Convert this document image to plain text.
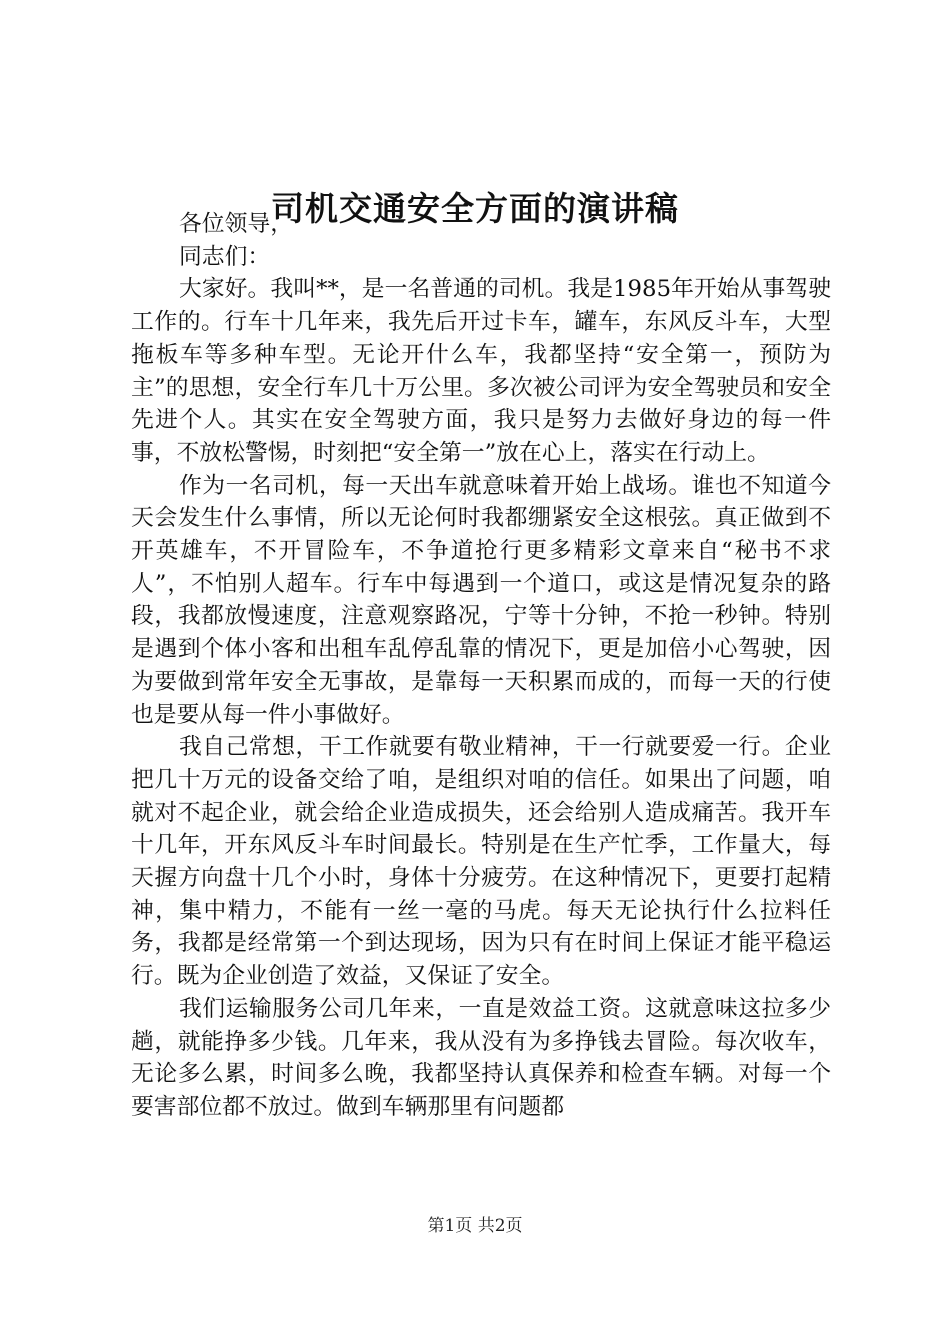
司机交通安全方面的演讲稿

各位领导，

同志们：

大家好。我叫**，是一名普通的司机。我是1985年开始从事驾驶工作的。行车十几年来，我先后开过卡车，罐车，东风反斗车，大型拖板车等多种车型。无论开什么车，我都坚持“安全第一，预防为主”的思想，安全行车几十万公里。多次被公司评为安全驾驶员和安全先进个人。其实在安全驾驶方面，我只是努力去做好身边的每一件事，不放松警惕，时刻把“安全第一”放在心上，落实在行动上。

作为一名司机，每一天出车就意味着开始上战场。谁也不知道今天会发生什么事情，所以无论何时我都绷紧安全这根弦。真正做到不开英雄车，不开冒险车，不争道抢行更多精彩文章来自“秘书不求人”，不怕别人超车。行车中每遇到一个道口，或这是情况复杂的路段，我都放慢速度，注意观察路况，宁等十分钟，不抢一秒钟。特别是遇到个体小客和出租车乱停乱靠的情况下，更是加倍小心驾驶，因为要做到常年安全无事故，是靠每一天积累而成的，而每一天的行使也是要从每一件小事做好。

我自己常想，干工作就要有敬业精神，干一行就要爱一行。企业把几十万元的设备交给了咱，是组织对咱的信任。如果出了问题，咱就对不起企业，就会给企业造成损失，还会给别人造成痛苦。我开车十几年，开东风反斗车时间最长。特别是在生产忙季，工作量大，每天握方向盘十几个小时，身体十分疲劳。在这种情况下，更要打起精神，集中精力，不能有一丝一毫的马虎。每天无论执行什么拉料任务，我都是经常第一个到达现场，因为只有在时间上保证才能平稳运行。既为企业创造了效益，又保证了安全。

我们运输服务公司几年来，一直是效益工资。这就意味这拉多少趟，就能挣多少钱。几年来，我从没有为多挣钱去冒险。每次收车，无论多么累，时间多么晚，我都坚持认真保养和检查车辆。对每一个要害部位都不放过。做到车辆那里有问题都

第1页 共2页
